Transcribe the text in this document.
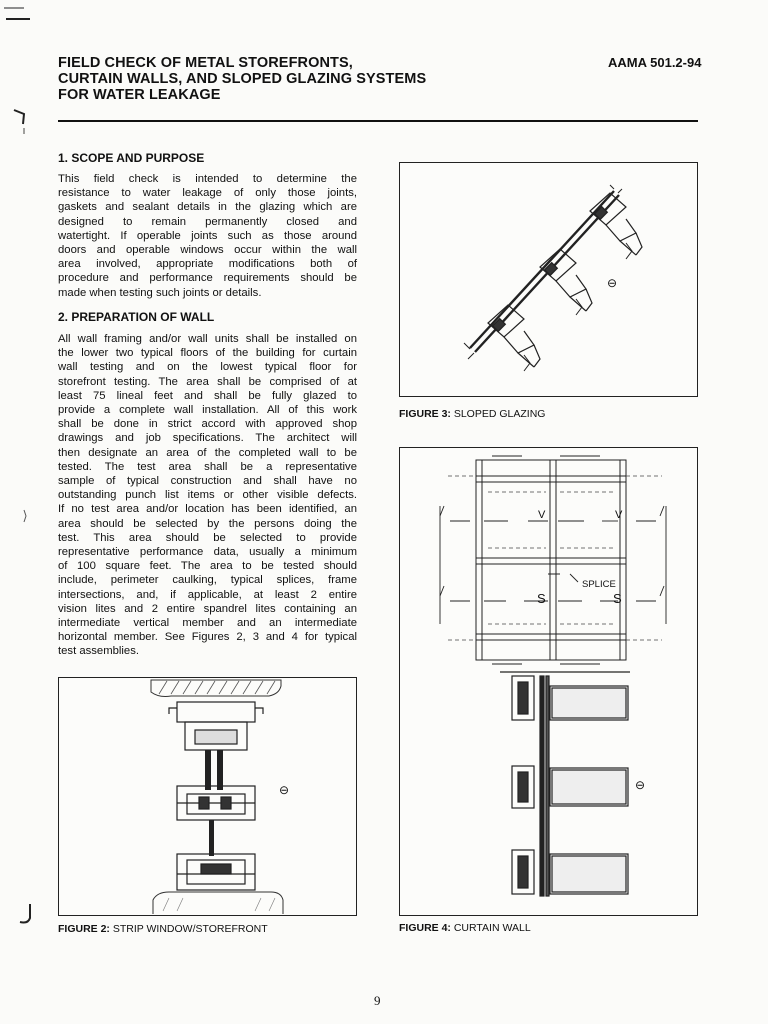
FIELD CHECK OF METAL STOREFRONTS,
CURTAIN WALLS, AND SLOPED GLAZING SYSTEMS
FOR WATER LEAKAGE
AAMA 501.2-94
1. SCOPE AND PURPOSE
This field check is intended to determine the
resistance to water leakage of only those joints,
gaskets and sealant details in the glazing which are
designed to remain permanently closed and
watertight. If operable joints such as those around
doors and operable windows occur within the wall
area involved, appropriate modifications both of
procedure and performance requirements should be
made when testing such joints or details.
2. PREPARATION OF WALL
All wall framing and/or wall units shall be installed on
the lower two typical floors of the building for curtain
wall testing and on the lowest typical floor for
storefront testing. The area shall be comprised of at
least 75 lineal feet and shall be fully glazed to
provide a complete wall installation. All of this work
shall be done in strict accord with approved shop
drawings and job specifications. The architect will
then designate an area of the completed wall to be
tested. The test area shall be a representative
sample of typical construction and shall have no
outstanding punch list items or other visible defects.
If no test area and/or location has been identified, an
area should be selected by the persons doing the
test. This area should be selected to provide
representative performance data, usually a minimum
of 100 square feet. The area to be tested should
include, perimeter caulking, typical splices, frame
intersections, and, if applicable, at least 2 entire
vision lites and 2 entire spandrel lites containing an
intermediate vertical member and an intermediate
horizontal member. See Figures 2, 3 and 4 for typical
test assemblies.
⊖
FIGURE 2: STRIP WINDOW/STOREFRONT
⊖
FIGURE 3: SLOPED GLAZING
V	V
S	S
SPLICE
⊖
FIGURE 4: CURTAIN WALL
9
